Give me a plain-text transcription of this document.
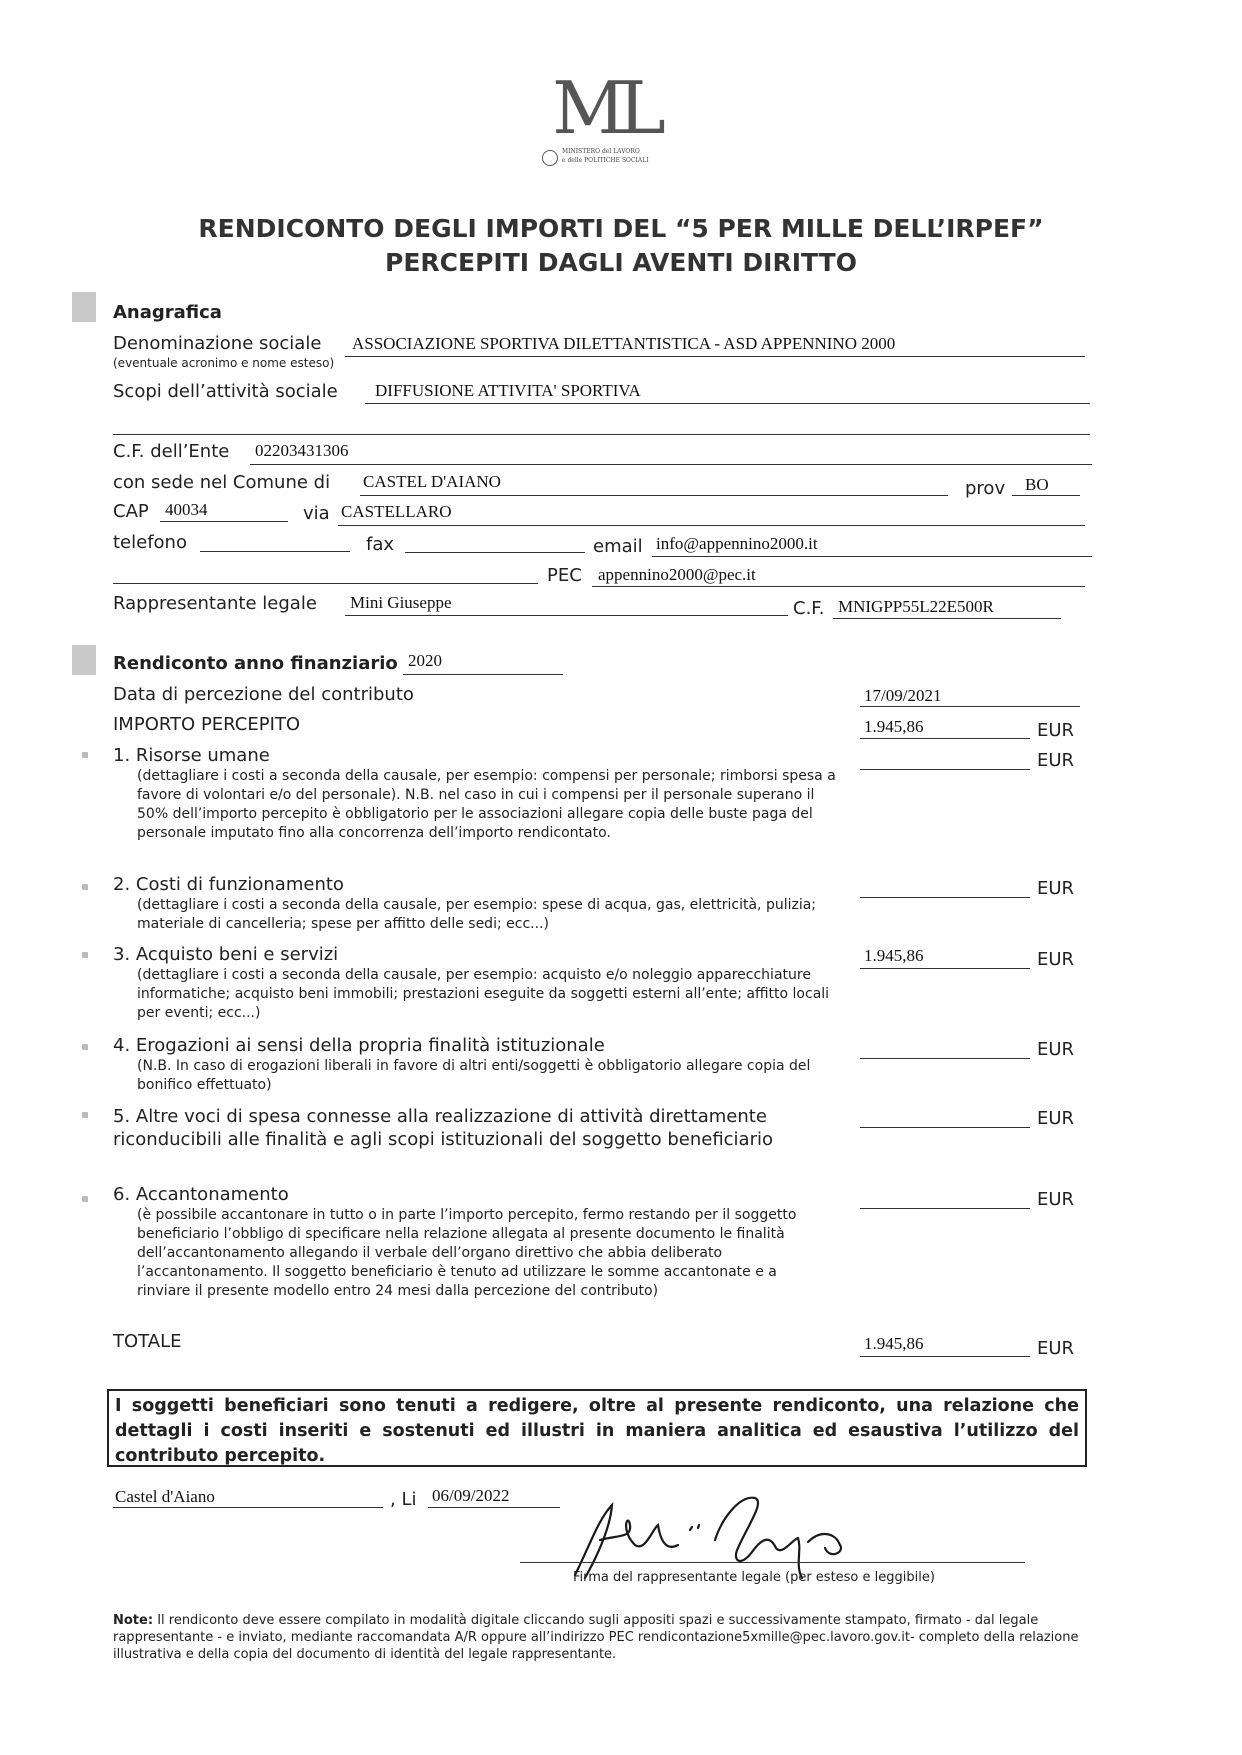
ML
MINISTERO del LAVORO
e delle POLITICHE SOCIALI
RENDICONTO DEGLI IMPORTI DEL “5 PER MILLE DELL’IRPEF”
PERCEPITI DAGLI AVENTI DIRITTO
Anagrafica
Denominazione sociale ASSOCIAZIONE SPORTIVA DILETTANTISTICA - ASD APPENNINO 2000
(eventuale acronimo e nome esteso)
Scopi dell’attività sociale DIFFUSIONE ATTIVITA' SPORTIVA
C.F. dell’Ente 02203431306
con sede nel Comune di CASTEL D'AIANO	prov BO
CAP 40034	via CASTELLARO
telefono	fax	email info@appennino2000.it
PEC appennino2000@pec.it
Rappresentante legale Mini Giuseppe	C.F. MNIGPP55L22E500R
Rendiconto anno finanziario 2020
Data di percezione del contributo	17/09/2021
IMPORTO PERCEPITO	1.945,86	EUR
1. Risorse umane
(dettagliare i costi a seconda della causale, per esempio: compensi per personale; rimborsi spesa a favore di volontari e/o del personale). N.B. nel caso in cui i compensi per il personale superano il 50% dell’importo percepito è obbligatorio per le associazioni allegare copia delle buste paga del personale imputato fino alla concorrenza dell’importo rendicontato.
EUR
2. Costi di funzionamento
(dettagliare i costi a seconda della causale, per esempio: spese di acqua, gas, elettricità, pulizia; materiale di cancelleria; spese per affitto delle sedi; ecc...)
EUR
3. Acquisto beni e servizi
(dettagliare i costi a seconda della causale, per esempio: acquisto e/o noleggio apparecchiature informatiche; acquisto beni immobili; prestazioni eseguite da soggetti esterni all’ente; affitto locali per eventi; ecc...)
1.945,86	EUR
4. Erogazioni ai sensi della propria finalità istituzionale
(N.B. In caso di erogazioni liberali in favore di altri enti/soggetti è obbligatorio allegare copia del bonifico effettuato)
EUR
5. Altre voci di spesa connesse alla realizzazione di attività direttamente riconducibili alle finalità e agli scopi istituzionali del soggetto beneficiario
EUR
6. Accantonamento
(è possibile accantonare in tutto o in parte l’importo percepito, fermo restando per il soggetto beneficiario l’obbligo di specificare nella relazione allegata al presente documento le finalità dell’accantonamento allegando il verbale dell’organo direttivo che abbia deliberato l’accantonamento. Il soggetto beneficiario è tenuto ad utilizzare le somme accantonate e a rinviare il presente modello entro 24 mesi dalla percezione del contributo)
EUR
TOTALE	1.945,86	EUR
I soggetti beneficiari sono tenuti a redigere, oltre al presente rendiconto, una relazione che dettagli i costi inseriti e sostenuti ed illustri in maniera analitica ed esaustiva l’utilizzo del contributo percepito.
Castel d'Aiano	, Li 06/09/2022
Firma del rappresentante legale (per esteso e leggibile)
Note: Il rendiconto deve essere compilato in modalità digitale cliccando sugli appositi spazi e successivamente stampato, firmato - dal legale rappresentante - e inviato, mediante raccomandata A/R oppure all’indirizzo PEC rendicontazione5xmille@pec.lavoro.gov.it- completo della relazione illustrativa e della copia del documento di identità del legale rappresentante.
